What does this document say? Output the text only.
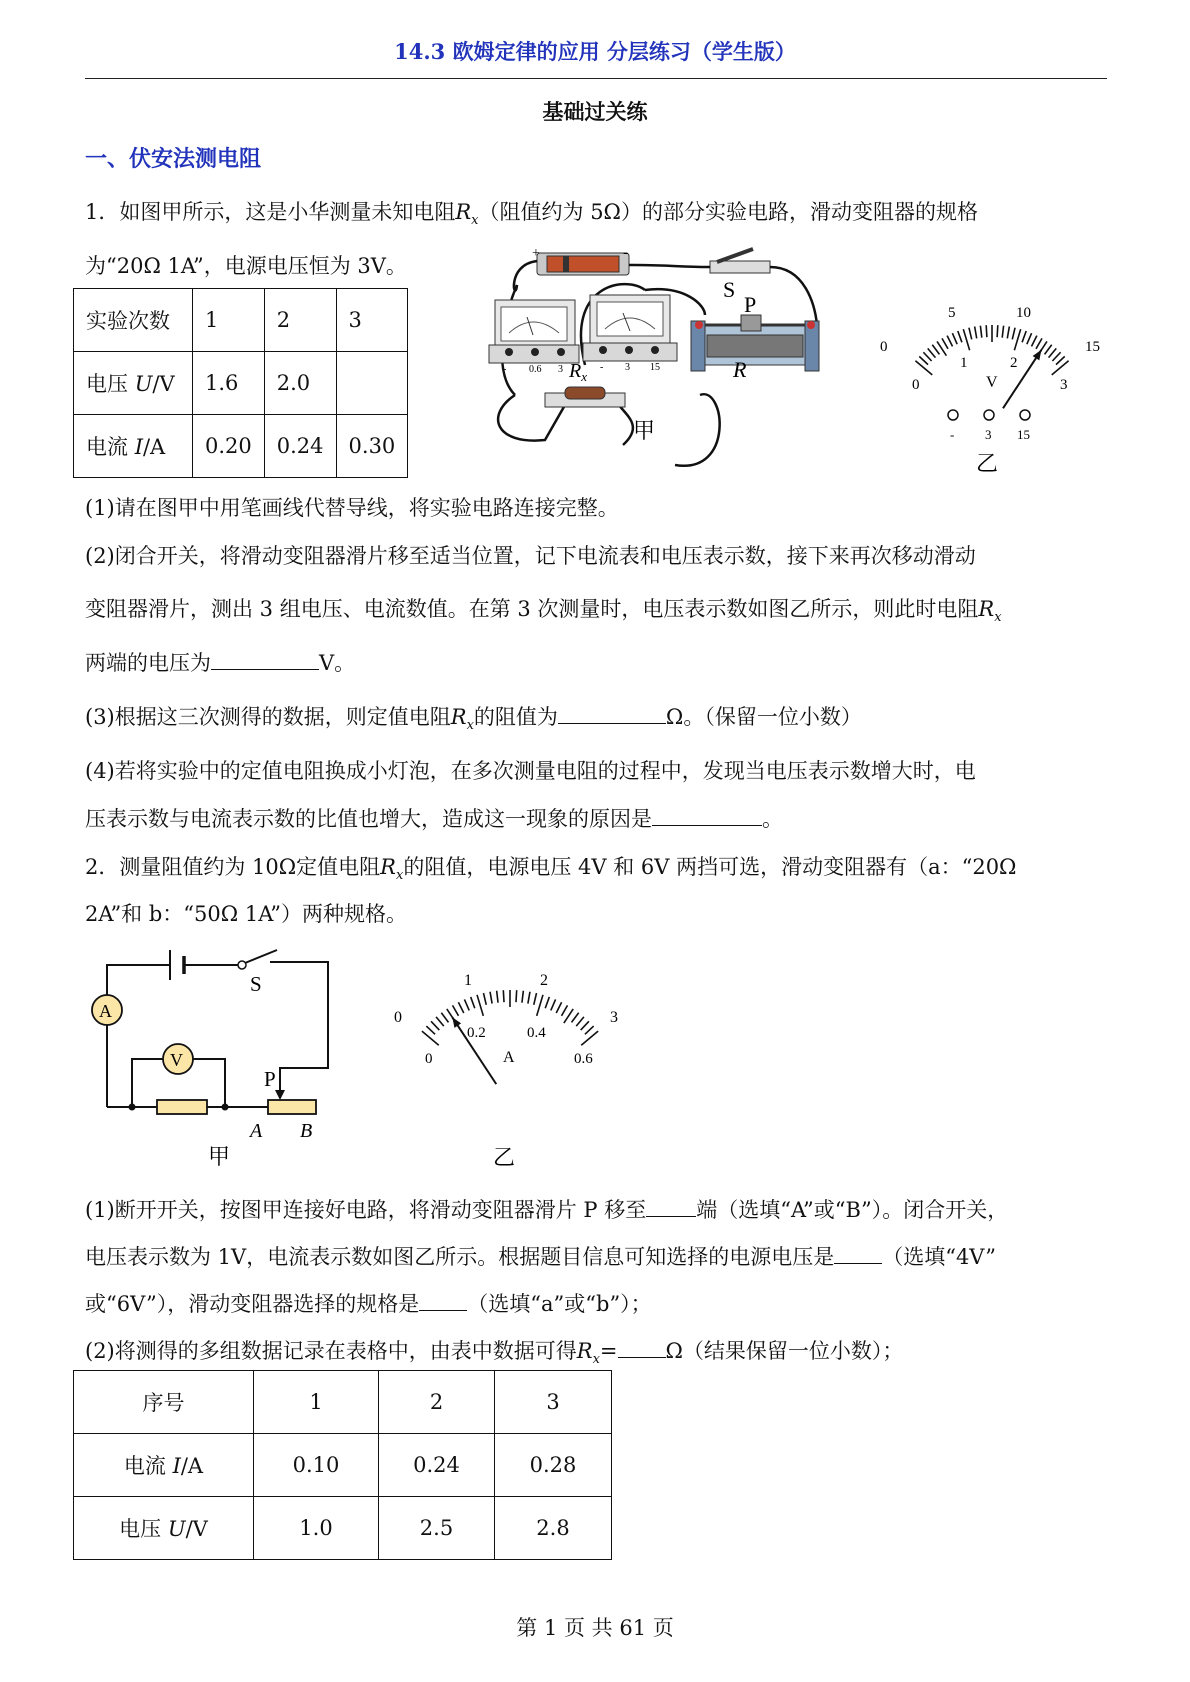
14.3 欧姆定律的应用 分层练习（学生版）
基础过关练
一、伏安法测电阻
1．如图甲所示，这是小华测量未知电阻$R_x$（阻值约为 5Ω）的部分实验电路，滑动变阻器的规格
为“20Ω 1A”，电源电压恒为 3V。
实验次数	1	2	3
电压 U/V	1.6	2.0	
电流 I/A	0.20	0.24	0.30
+	-
S
- 0.6 3	- 3 15
P
R
$R_x$
甲
0
5	10
15
0
1	2
3
V
- 3 15
乙
(1)请在图甲中用笔画线代替导线，将实验电路连接完整。
(2)闭合开关，将滑动变阻器滑片移至适当位置，记下电流表和电压表示数，接下来再次移动滑动
变阻器滑片，测出 3 组电压、电流数值。在第 3 次测量时，电压表示数如图乙所示，则此时电阻$R_x$
两端的电压为	V。
(3)根据这三次测得的数据，则定值电阻$R_x$的阻值为	Ω。（保留一位小数）
(4)若将实验中的定值电阻换成小灯泡，在多次测量电阻的过程中，发现当电压表示数增大时，电
压表示数与电流表示数的比值也增大，造成这一现象的原因是	。
2．测量阻值约为 10Ω定值电阻$R_x$的阻值，电源电压 4V 和 6V 两挡可选，滑动变阻器有（a：“20Ω
2A”和 b：“50Ω 1A”）两种规格。
S
A
V
P
A B
甲
0
1	2
3
0
0.2	0.4
0.6
A
乙
(1)断开开关，按图甲连接好电路，将滑动变阻器滑片 P 移至 端（选填“A”或“B”）。闭合开关，
电压表示数为 1V，电流表示数如图乙所示。根据题目信息可知选择的电源电压是 （选填“4V”
或“6V”），滑动变阻器选择的规格是 （选填“a”或“b”）；
(2)将测得的多组数据记录在表格中，由表中数据可得$R_x= \Omega$（结果保留一位小数）；
序号	1	2	3
电流 I/A	0.10	0.24	0.28
电压 U/V	1.0	2.5	2.8
第 1 页 共 61 页
